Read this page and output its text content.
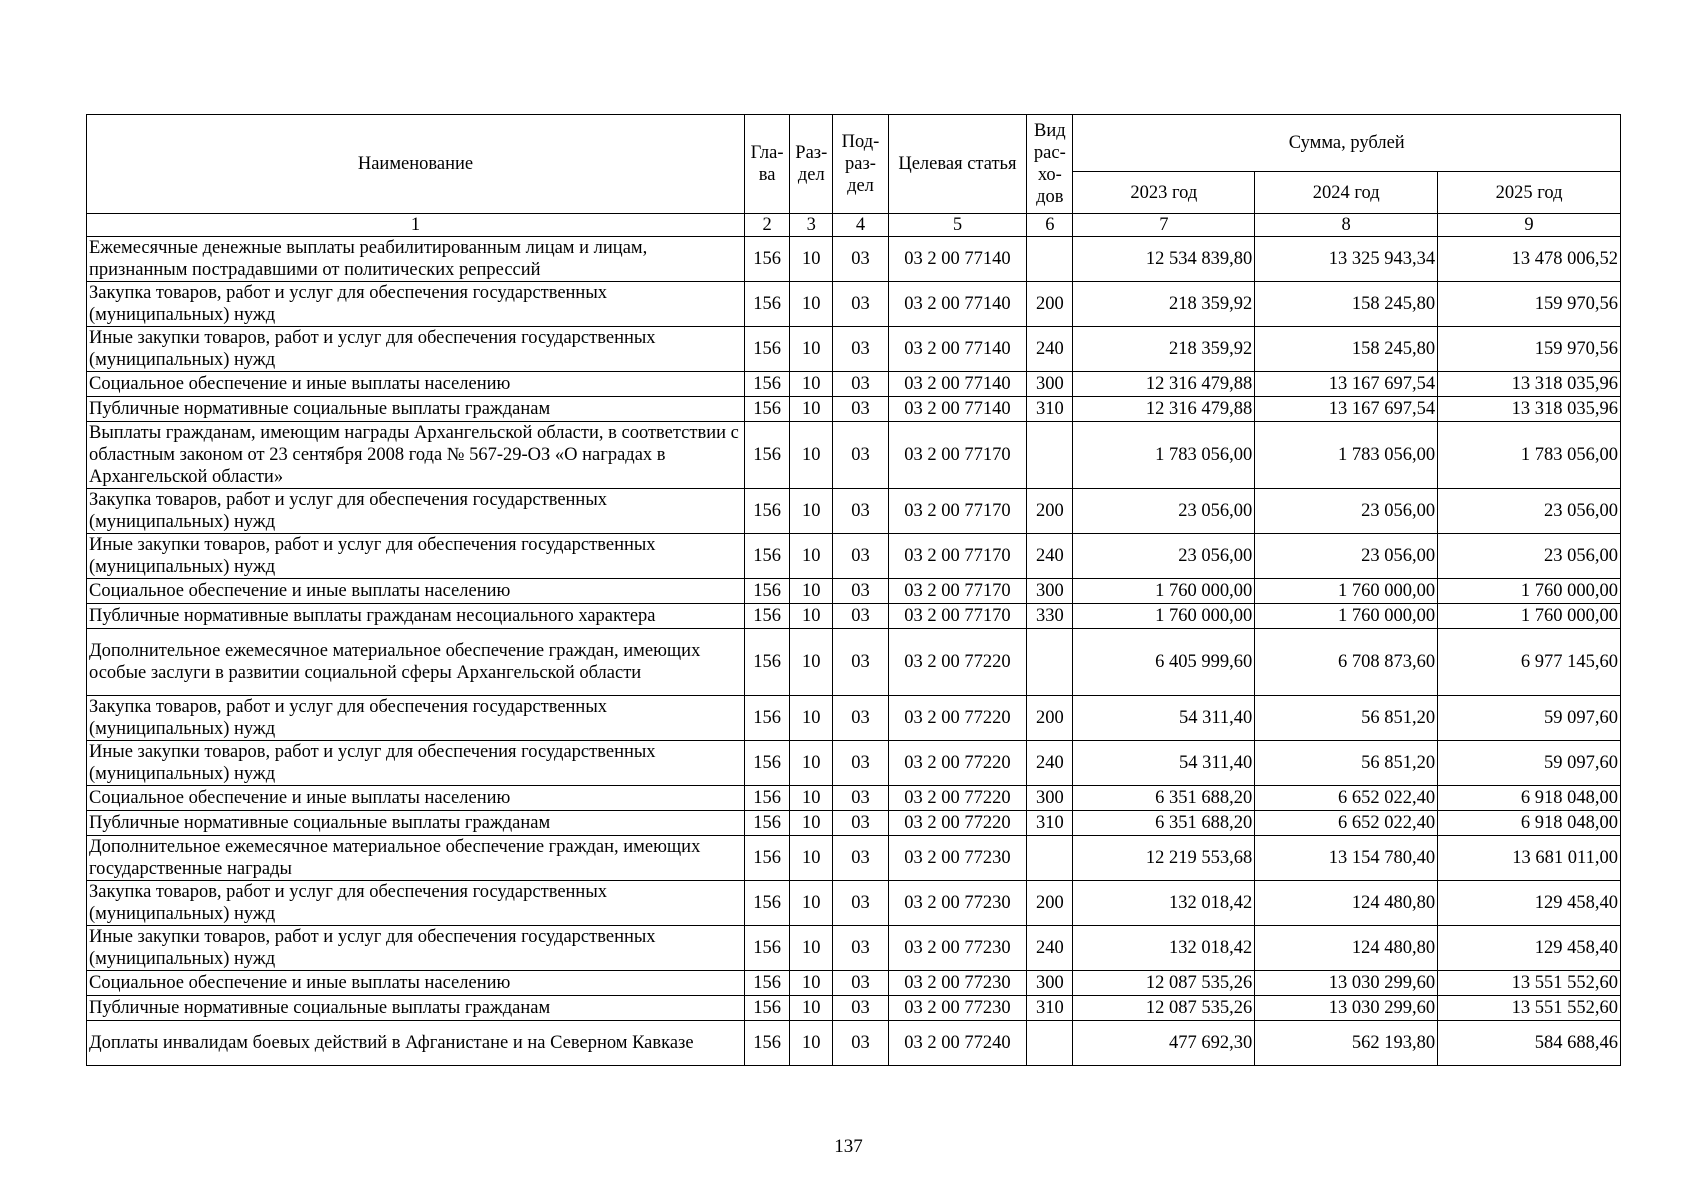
Наименование	Гла-ва	Раз-дел	Под-раз-дел	Целевая статья	Вид рас-хо-дов	Сумма, рублей		
						2023 год	2024 год	2025 год
1	2	3	4	5	6	7	8	9
Ежемесячные денежные выплаты реабилитированным лицам и лицам, признанным пострадавшими от политических репрессий	156	10	03	03 2 00 77140		12 534 839,80	13 325 943,34	13 478 006,52
Закупка товаров, работ и услуг для обеспечения государственных (муниципальных) нужд	156	10	03	03 2 00 77140	200	218 359,92	158 245,80	159 970,56
Иные закупки товаров, работ и услуг для обеспечения государственных (муниципальных) нужд	156	10	03	03 2 00 77140	240	218 359,92	158 245,80	159 970,56
Социальное обеспечение и иные выплаты населению	156	10	03	03 2 00 77140	300	12 316 479,88	13 167 697,54	13 318 035,96
Публичные нормативные социальные выплаты гражданам	156	10	03	03 2 00 77140	310	12 316 479,88	13 167 697,54	13 318 035,96
Выплаты гражданам, имеющим награды Архангельской области, в соответствии с областным законом от 23 сентября 2008 года № 567-29-ОЗ «О наградах в Архангельской области»	156	10	03	03 2 00 77170		1 783 056,00	1 783 056,00	1 783 056,00
Закупка товаров, работ и услуг для обеспечения государственных (муниципальных) нужд	156	10	03	03 2 00 77170	200	23 056,00	23 056,00	23 056,00
Иные закупки товаров, работ и услуг для обеспечения государственных (муниципальных) нужд	156	10	03	03 2 00 77170	240	23 056,00	23 056,00	23 056,00
Социальное обеспечение и иные выплаты населению	156	10	03	03 2 00 77170	300	1 760 000,00	1 760 000,00	1 760 000,00
Публичные нормативные выплаты гражданам несоциального характера	156	10	03	03 2 00 77170	330	1 760 000,00	1 760 000,00	1 760 000,00
Дополнительное ежемесячное материальное обеспечение граждан, имеющих особые заслуги в развитии социальной сферы Архангельской области	156	10	03	03 2 00 77220		6 405 999,60	6 708 873,60	6 977 145,60
Закупка товаров, работ и услуг для обеспечения государственных (муниципальных) нужд	156	10	03	03 2 00 77220	200	54 311,40	56 851,20	59 097,60
Иные закупки товаров, работ и услуг для обеспечения государственных (муниципальных) нужд	156	10	03	03 2 00 77220	240	54 311,40	56 851,20	59 097,60
Социальное обеспечение и иные выплаты населению	156	10	03	03 2 00 77220	300	6 351 688,20	6 652 022,40	6 918 048,00
Публичные нормативные социальные выплаты гражданам	156	10	03	03 2 00 77220	310	6 351 688,20	6 652 022,40	6 918 048,00
Дополнительное ежемесячное материальное обеспечение граждан, имеющих государственные награды	156	10	03	03 2 00 77230		12 219 553,68	13 154 780,40	13 681 011,00
Закупка товаров, работ и услуг для обеспечения государственных (муниципальных) нужд	156	10	03	03 2 00 77230	200	132 018,42	124 480,80	129 458,40
Иные закупки товаров, работ и услуг для обеспечения государственных (муниципальных) нужд	156	10	03	03 2 00 77230	240	132 018,42	124 480,80	129 458,40
Социальное обеспечение и иные выплаты населению	156	10	03	03 2 00 77230	300	12 087 535,26	13 030 299,60	13 551 552,60
Публичные нормативные социальные выплаты гражданам	156	10	03	03 2 00 77230	310	12 087 535,26	13 030 299,60	13 551 552,60
Доплаты инвалидам боевых действий в Афганистане и на Северном Кавказе	156	10	03	03 2 00 77240		477 692,30	562 193,80	584 688,46
137
